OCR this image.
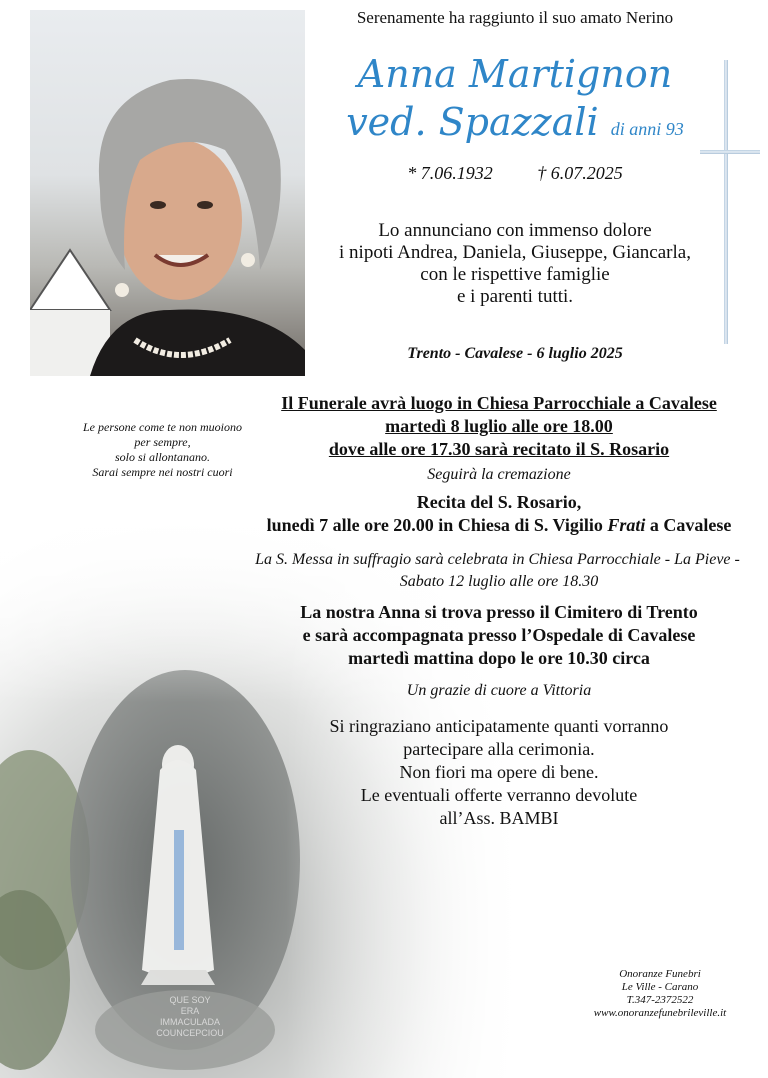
QUE SOY
ERA
IMMACULADA COUNCEPCIOU
Serenamente ha raggiunto il suo amato Nerino
Anna Martignon
ved. Spazzali di anni 93
* 7.06.1932 † 6.07.2025
Lo annunciano con immenso dolore
i nipoti Andrea, Daniela, Giuseppe, Giancarla,
con le rispettive famiglie
e i parenti tutti.
Trento - Cavalese - 6 luglio 2025
Le persone come te non muoiono
per sempre,
solo si allontanano.
Sarai sempre nei nostri cuori
Il Funerale avrà luogo in Chiesa Parrocchiale a Cavalese
martedì 8 luglio alle ore 18.00
dove alle ore 17.30 sarà recitato il S. Rosario
Seguirà la cremazione
Recita del S. Rosario,
lunedì 7 alle ore 20.00 in Chiesa di S. Vigilio Frati a Cavalese
La S. Messa in suffragio sarà celebrata in Chiesa Parrocchiale - La Pieve -
Sabato 12 luglio alle ore 18.30
La nostra Anna si trova presso il Cimitero di Trento
e sarà accompagnata presso l’Ospedale di Cavalese
martedì mattina dopo le ore 10.30 circa
Un grazie di cuore a Vittoria
Si ringraziano anticipatamente quanti vorranno
partecipare alla cerimonia.
Non fiori ma opere di bene.
Le eventuali offerte verranno devolute
all’Ass. BAMBI
Onoranze Funebri
Le Ville - Carano
T.347-2372522
www.onoranzefunebrileville.it
